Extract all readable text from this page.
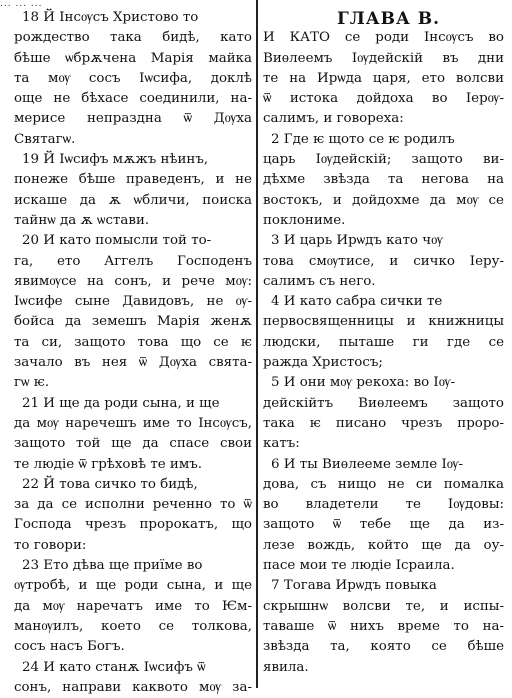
... ... ...
18 Й Інсѹсъ Христово то
рождество така бидѣ, като
бѣше ѡбрѫчена Марія майка
та мѹ сосъ Іѡсифа, доклѣ
още не бѣхасе соединили, на-
мерисе непразднa ѿ Дѹха
Святагѡ.
19 Й Іѡсифъ мѫжъ нѣинъ,
понеже бѣше праведенъ, и не
искаше да ѫ ѡбличи, поиска
тайнѡ да ѫ ѡстави.
20 И като помысли той то-
га, ето Аггелъ Господенъ
явимѹсе на сонъ, и рече мѹ:
Іѡсифе сыне Давидовъ, не ѹ-
бойса да земешъ Марія женѫ
та си, защото това що се ѥ
зачало въ нея ѿ Дѹха свята-
гѡ ѥ.
21 И ще да роди сына, и ще
да мѹ наречешъ име то Інсѹсъ,
защото той ще да спасе свои
те людіе ѿ грѣховѣ те имъ.
22 Й това сичко то бидѣ,
за да се исполни реченно то ѿ
Господа чрезъ пророкатъ, що
то говори:
23 Ето дѣва ще приїме во
ѹтробѣ, и ще роди сына, и ще
да мѹ наречатъ име то Ѥм-
манѹилъ, което се толкова,
сосъ насъ Богъ.
24 И като станѫ Іѡсифъ ѿ
сонъ, направи каквото мѹ за-
ГЛАВА В.
И КАТО се роди Інсѹсъ во
Виѳлеемъ Іѹдейскій въ дни
те на Ирѡда царя, ето волсви
ѿ истока дойдоха во Іерѹ-
салимъ, и говореха:
2 Где ѥ щото се ѥ родилъ
царь Іѹдейскій; защото ви-
дѣхме звѣзда та негова на
востокъ, и дойдохме да мѹ се
поклониме.
3 И царь Ирѡдъ като чѹ
това смѹтисе, и сичко Іеру-
салимъ съ него.
4 И като сабра сички те
первосвященницы и книжницы
людски, пыташе ги где се
ражда Христосъ;
5 И они мѹ рекоха: во Іѹ-
дейскійтъ Виѳлеемъ защото
така ѥ писано чрезъ проро-
катъ:
6 И ты Виѳлееме земле Іѹ-
дова, съ нищо не си помалка
во владетели те Іѹдовы:
защото ѿ тебе ще да из-
лезе вождь, който ще да оу-
пасе мои те людіе Ісраила.
7 Тогава Ирѡдъ повыка
скрышнѡ волсви те, и испы-
таваше ѿ нихъ време то на-
звѣзда та, която се бѣше
явила.
